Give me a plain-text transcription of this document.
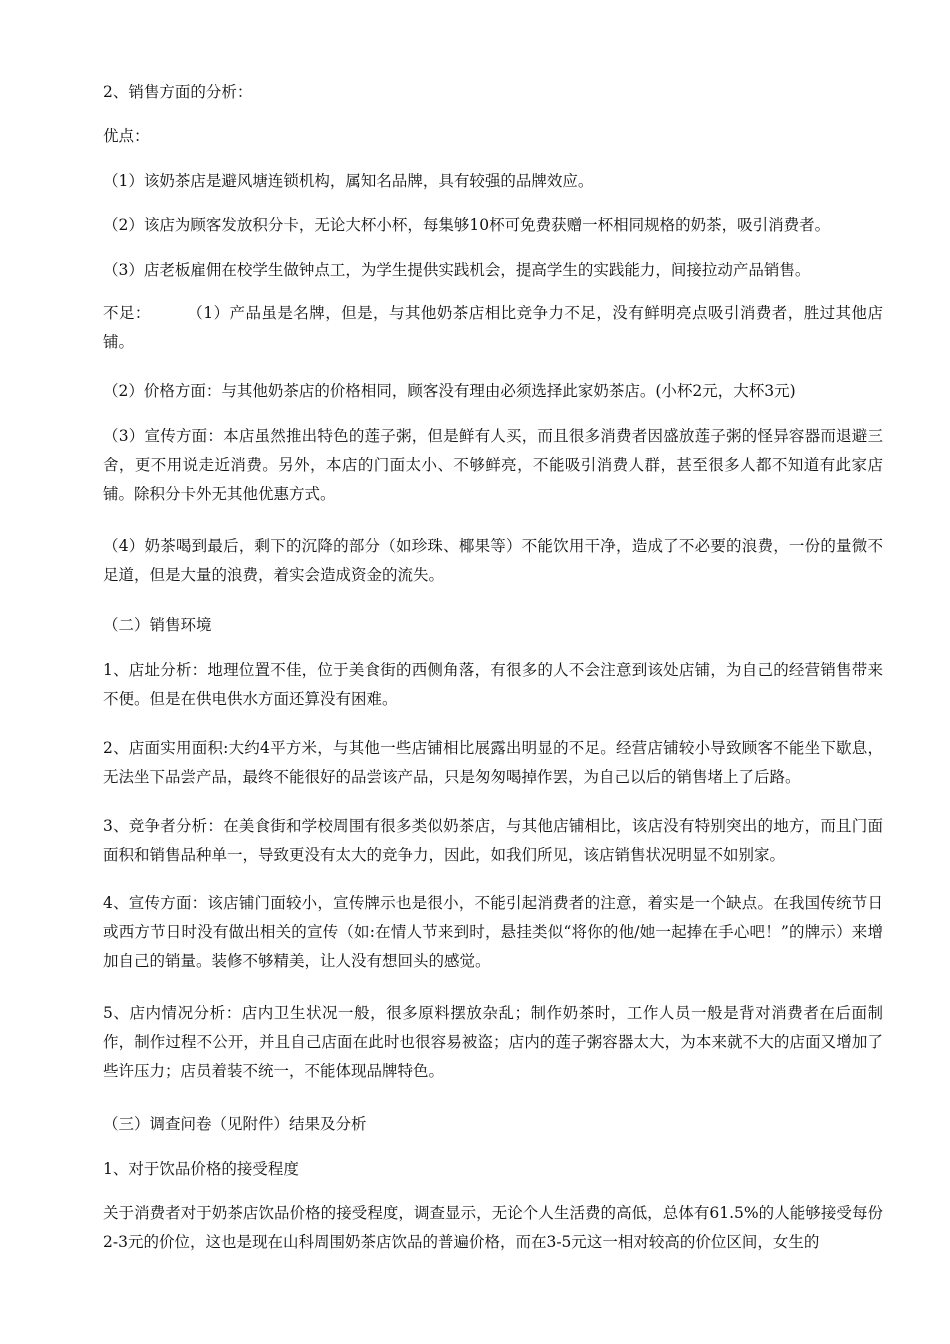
2、销售方面的分析：

优点：

（1）该奶茶店是避风塘连锁机构，属知名品牌，具有较强的品牌效应。

（2）该店为顾客发放积分卡，无论大杯小杯，每集够10杯可免费获赠一杯相同规格的奶茶，吸引消费者。

（3）店老板雇佣在校学生做钟点工，为学生提供实践机会，提高学生的实践能力，间接拉动产品销售。

不足： （1）产品虽是名牌，但是，与其他奶茶店相比竞争力不足，没有鲜明亮点吸引消费者，胜过其他店铺。

（2）价格方面：与其他奶茶店的价格相同，顾客没有理由必须选择此家奶茶店。(小杯2元，大杯3元)

（3）宣传方面：本店虽然推出特色的莲子粥，但是鲜有人买，而且很多消费者因盛放莲子粥的怪异容器而退避三舍，更不用说走近消费。另外，本店的门面太小、不够鲜亮，不能吸引消费人群，甚至很多人都不知道有此家店铺。除积分卡外无其他优惠方式。

（4）奶茶喝到最后，剩下的沉降的部分（如珍珠、椰果等）不能饮用干净，造成了不必要的浪费，一份的量微不足道，但是大量的浪费，着实会造成资金的流失。

（二）销售环境

1、店址分析：地理位置不佳，位于美食街的西侧角落，有很多的人不会注意到该处店铺，为自己的经营销售带来不便。但是在供电供水方面还算没有困难。

2、店面实用面积:大约4平方米，与其他一些店铺相比展露出明显的不足。经营店铺较小导致顾客不能坐下歇息，无法坐下品尝产品，最终不能很好的品尝该产品，只是匆匆喝掉作罢，为自己以后的销售堵上了后路。

3、竞争者分析：在美食街和学校周围有很多类似奶茶店，与其他店铺相比，该店没有特别突出的地方，而且门面面积和销售品种单一，导致更没有太大的竞争力，因此，如我们所见，该店销售状况明显不如别家。

4、宣传方面：该店铺门面较小，宣传牌示也是很小，不能引起消费者的注意，着实是一个缺点。在我国传统节日或西方节日时没有做出相关的宣传（如:在情人节来到时，悬挂类似“将你的他/她一起捧在手心吧！”的牌示）来增加自己的销量。装修不够精美，让人没有想回头的感觉。

5、店内情况分析：店内卫生状况一般，很多原料摆放杂乱；制作奶茶时，工作人员一般是背对消费者在后面制作，制作过程不公开，并且自己店面在此时也很容易被盗；店内的莲子粥容器太大，为本来就不大的店面又增加了些许压力；店员着装不统一，不能体现品牌特色。

（三）调查问卷（见附件）结果及分析

1、对于饮品价格的接受程度

关于消费者对于奶茶店饮品价格的接受程度，调查显示，无论个人生活费的高低，总体有61.5%的人能够接受每份2-3元的价位，这也是现在山科周围奶茶店饮品的普遍价格，而在3-5元这一相对较高的价位区间，女生的
